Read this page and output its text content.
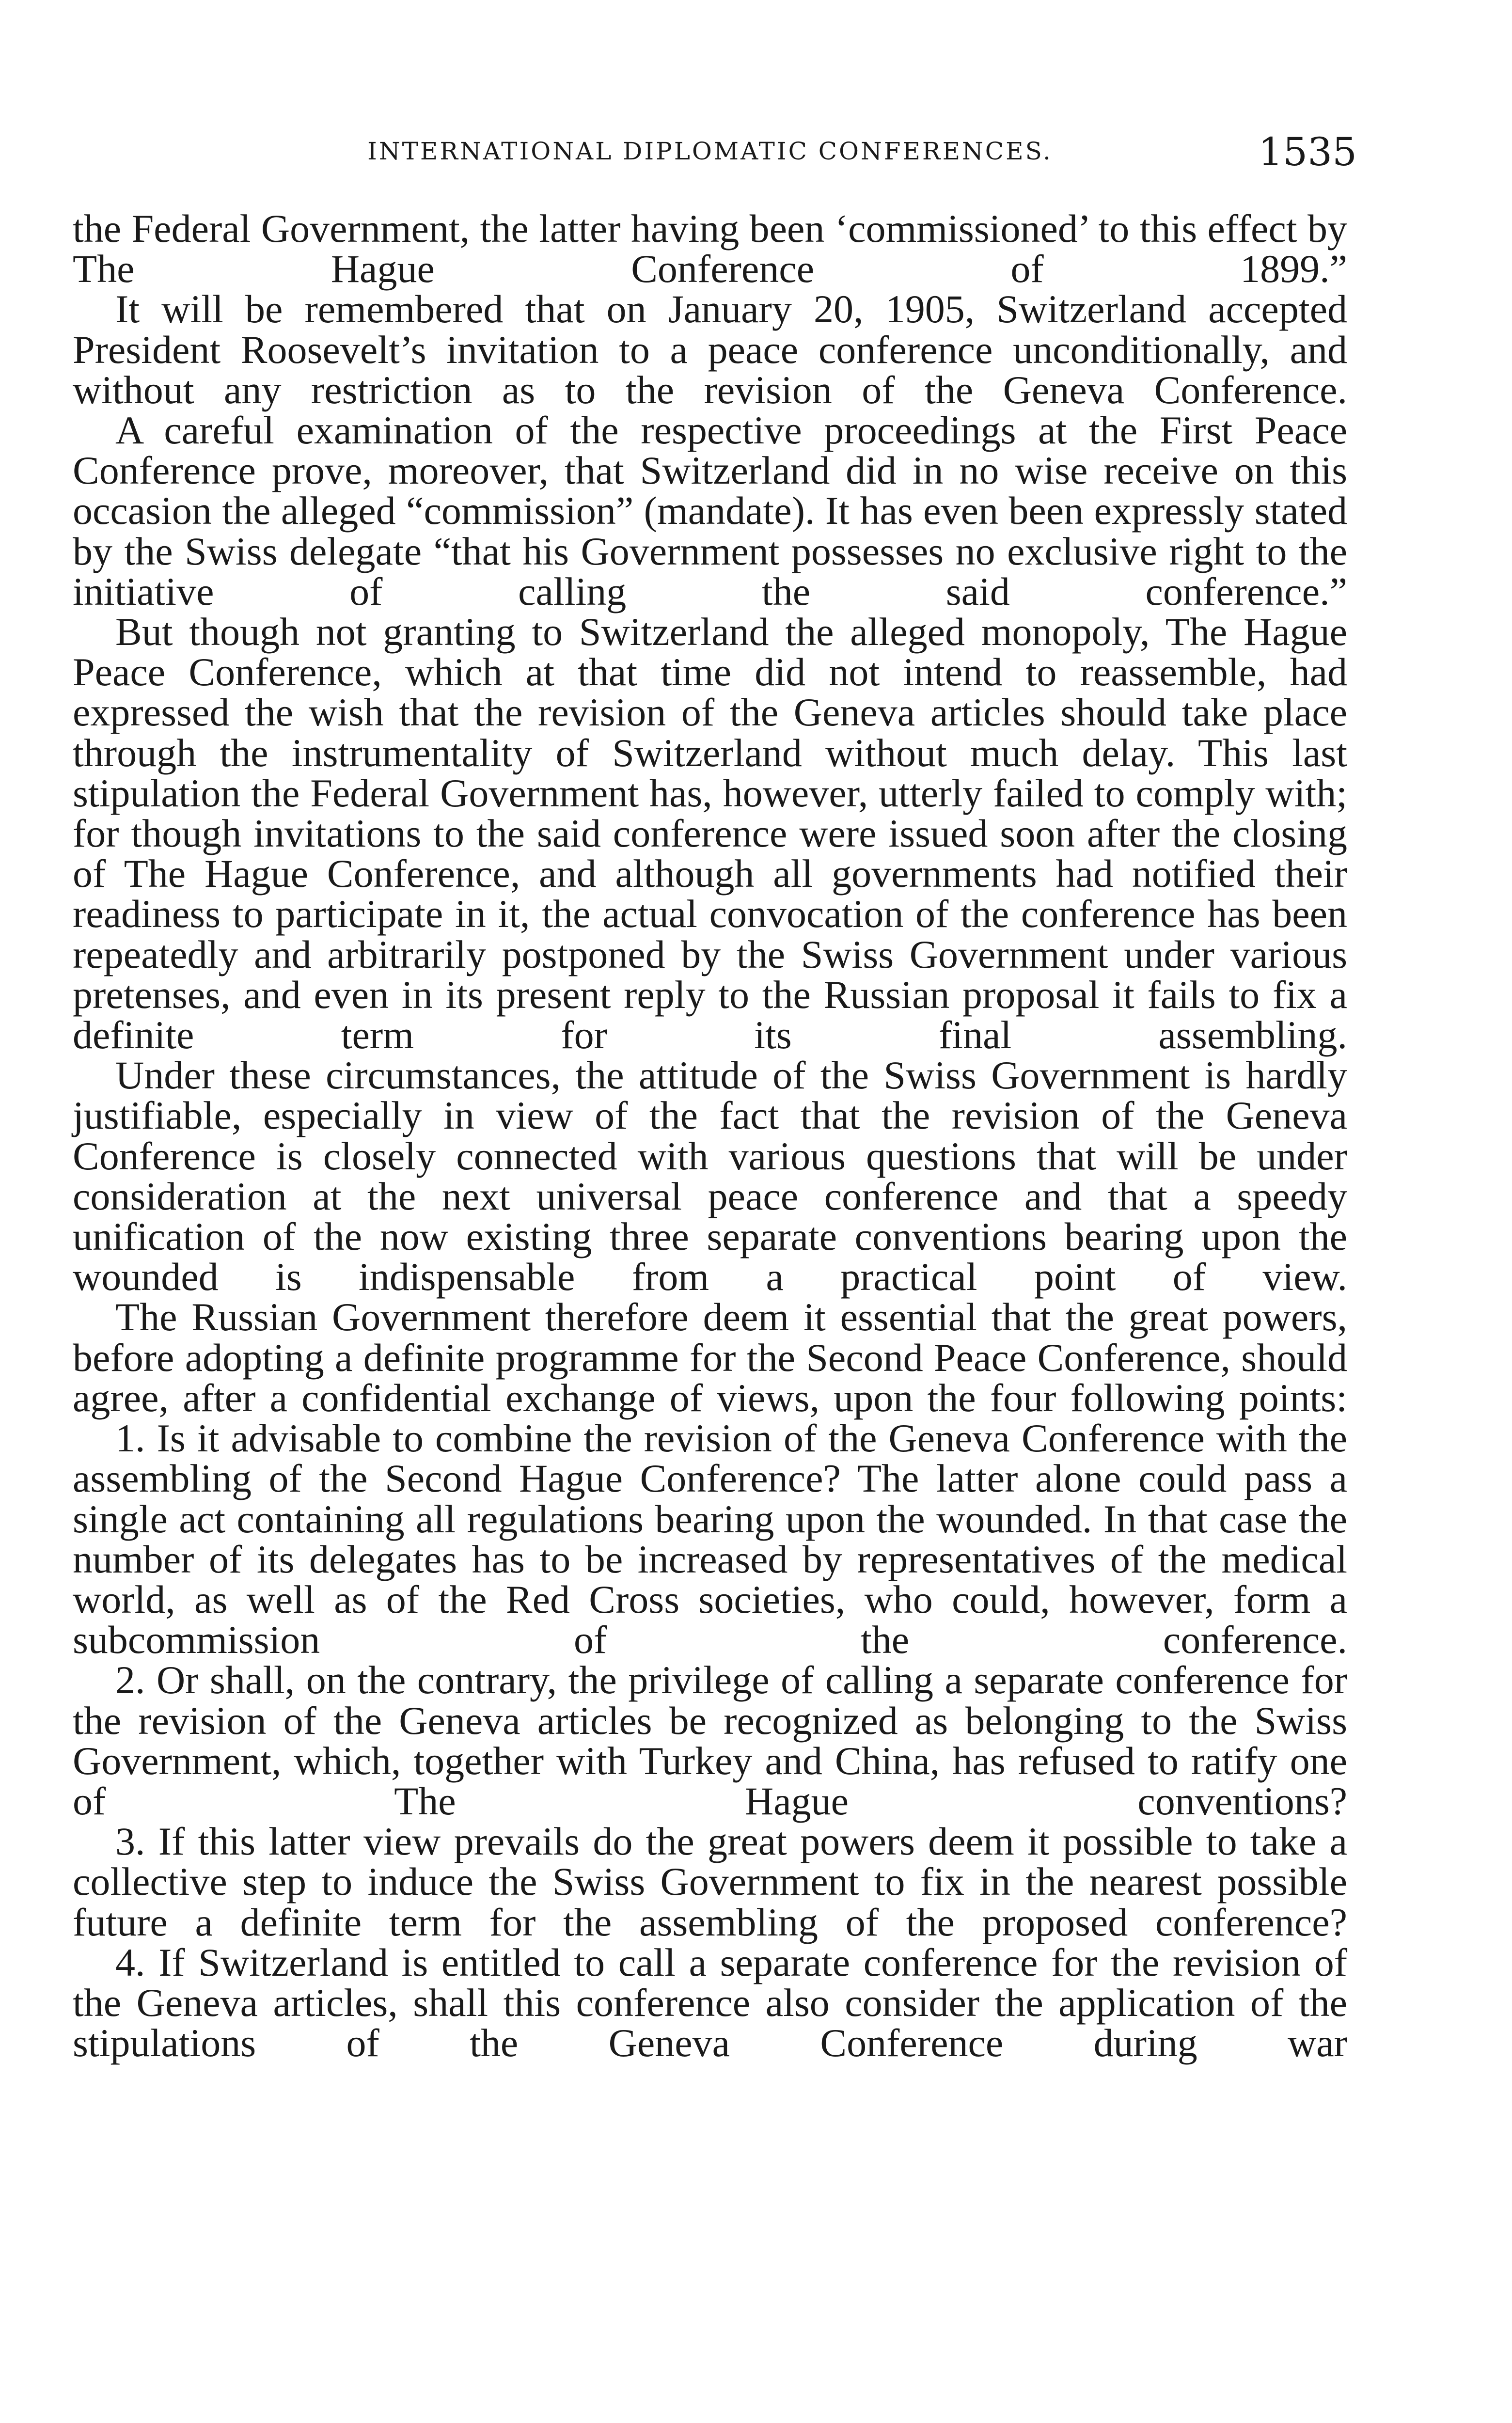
INTERNATIONAL DIPLOMATIC CONFERENCES.	1535

the Federal Government, the latter having been ‘commissioned’ to this effect by The Hague Conference of 1899.”

It will be remembered that on January 20, 1905, Switzerland accepted President Roosevelt’s invitation to a peace conference unconditionally, and without any restriction as to the revision of the Geneva Conference.

A careful examination of the respective proceedings at the First Peace Conference prove, moreover, that Switzerland did in no wise receive on this occasion the alleged “commission” (mandate). It has even been expressly stated by the Swiss delegate “that his Government possesses no exclusive right to the initiative of calling the said conference.”

But though not granting to Switzerland the alleged monopoly, The Hague Peace Conference, which at that time did not intend to reassemble, had expressed the wish that the revision of the Geneva articles should take place through the instrumentality of Switzerland without much delay. This last stipulation the Federal Government has, however, utterly failed to comply with; for though invitations to the said conference were issued soon after the closing of The Hague Conference, and although all governments had notified their readiness to participate in it, the actual convocation of the conference has been repeatedly and arbitrarily postponed by the Swiss Government under various pretenses, and even in its present reply to the Russian proposal it fails to fix a definite term for its final assembling.

Under these circumstances, the attitude of the Swiss Government is hardly justifiable, especially in view of the fact that the revision of the Geneva Conference is closely connected with various questions that will be under consideration at the next universal peace conference and that a speedy unification of the now existing three separate conventions bearing upon the wounded is indispensable from a practical point of view.

The Russian Government therefore deem it essential that the great powers, before adopting a definite programme for the Second Peace Conference, should agree, after a confidential exchange of views, upon the four following points:

1. Is it advisable to combine the revision of the Geneva Conference with the assembling of the Second Hague Conference? The latter alone could pass a single act containing all regulations bearing upon the wounded. In that case the number of its delegates has to be increased by representatives of the medical world, as well as of the Red Cross societies, who could, however, form a subcommission of the conference.

2. Or shall, on the contrary, the privilege of calling a separate conference for the revision of the Geneva articles be recognized as belonging to the Swiss Government, which, together with Turkey and China, has refused to ratify one of The Hague conventions?

3. If this latter view prevails do the great powers deem it possible to take a collective step to induce the Swiss Government to fix in the nearest possible future a definite term for the assembling of the proposed conference?

4. If Switzerland is entitled to call a separate conference for the revision of the Geneva articles, shall this conference also consider the application of the stipulations of the Geneva Conference during war
